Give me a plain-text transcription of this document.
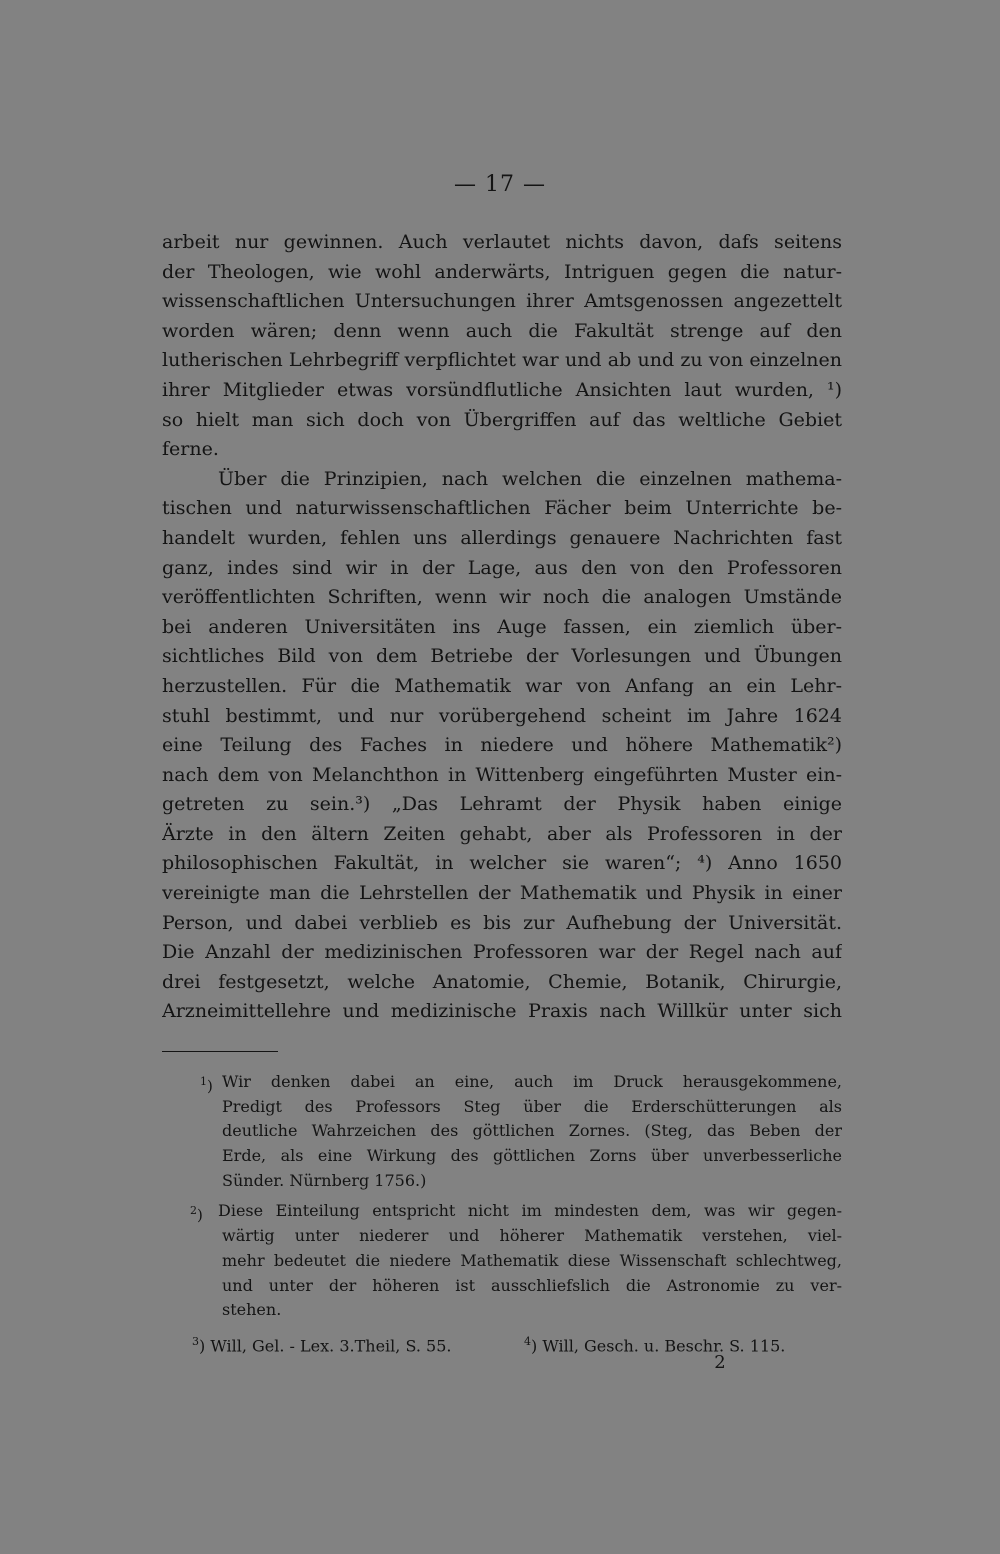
— 17 —
arbeit nur gewinnen. Auch verlautet nichts davon, dafs seitens
der Theologen, wie wohl anderwärts, Intriguen gegen die natur-
wissenschaftlichen Untersuchungen ihrer Amtsgenossen angezettelt
worden wären; denn wenn auch die Fakultät strenge auf den
lutherischen Lehrbegriff verpflichtet war und ab und zu von einzelnen
ihrer Mitglieder etwas vorsündflutliche Ansichten laut wurden, ¹)
so hielt man sich doch von Übergriffen auf das weltliche Gebiet
ferne.
Über die Prinzipien, nach welchen die einzelnen mathema-
tischen und naturwissenschaftlichen Fächer beim Unterrichte be-
handelt wurden, fehlen uns allerdings genauere Nachrichten fast
ganz, indes sind wir in der Lage, aus den von den Professoren
veröffentlichten Schriften, wenn wir noch die analogen Umstände
bei anderen Universitäten ins Auge fassen, ein ziemlich über-
sichtliches Bild von dem Betriebe der Vorlesungen und Übungen
herzustellen. Für die Mathematik war von Anfang an ein Lehr-
stuhl bestimmt, und nur vorübergehend scheint im Jahre 1624
eine Teilung des Faches in niedere und höhere Mathematik²)
nach dem von Melanchthon in Wittenberg eingeführten Muster ein-
getreten zu sein.³) „Das Lehramt der Physik haben einige
Ärzte in den ältern Zeiten gehabt, aber als Professoren in der
philosophischen Fakultät, in welcher sie waren“; ⁴) Anno 1650
vereinigte man die Lehrstellen der Mathematik und Physik in einer
Person, und dabei verblieb es bis zur Aufhebung der Universität.
Die Anzahl der medizinischen Professoren war der Regel nach auf
drei festgesetzt, welche Anatomie, Chemie, Botanik, Chirurgie,
Arzneimittellehre und medizinische Praxis nach Willkür unter sich
$^1$) Wir denken dabei an eine, auch im Druck herausgekommene,
Predigt des Professors Steg über die Erderschütterungen als
deutliche Wahrzeichen des göttlichen Zornes. (Steg, das Beben der
Erde, als eine Wirkung des göttlichen Zorns über unverbesserliche
Sünder. Nürnberg 1756.)
$^2$) Diese Einteilung entspricht nicht im mindesten dem, was wir gegen-
wärtig unter niederer und höherer Mathematik verstehen, viel-
mehr bedeutet die niedere Mathematik diese Wissenschaft schlechtweg,
und unter der höheren ist ausschliefslich die Astronomie zu ver-
stehen.
$^3$) Will, Gel. - Lex. 3.Theil, S. 55.	$^4$) Will, Gesch. u. Beschr. S. 115.
2
